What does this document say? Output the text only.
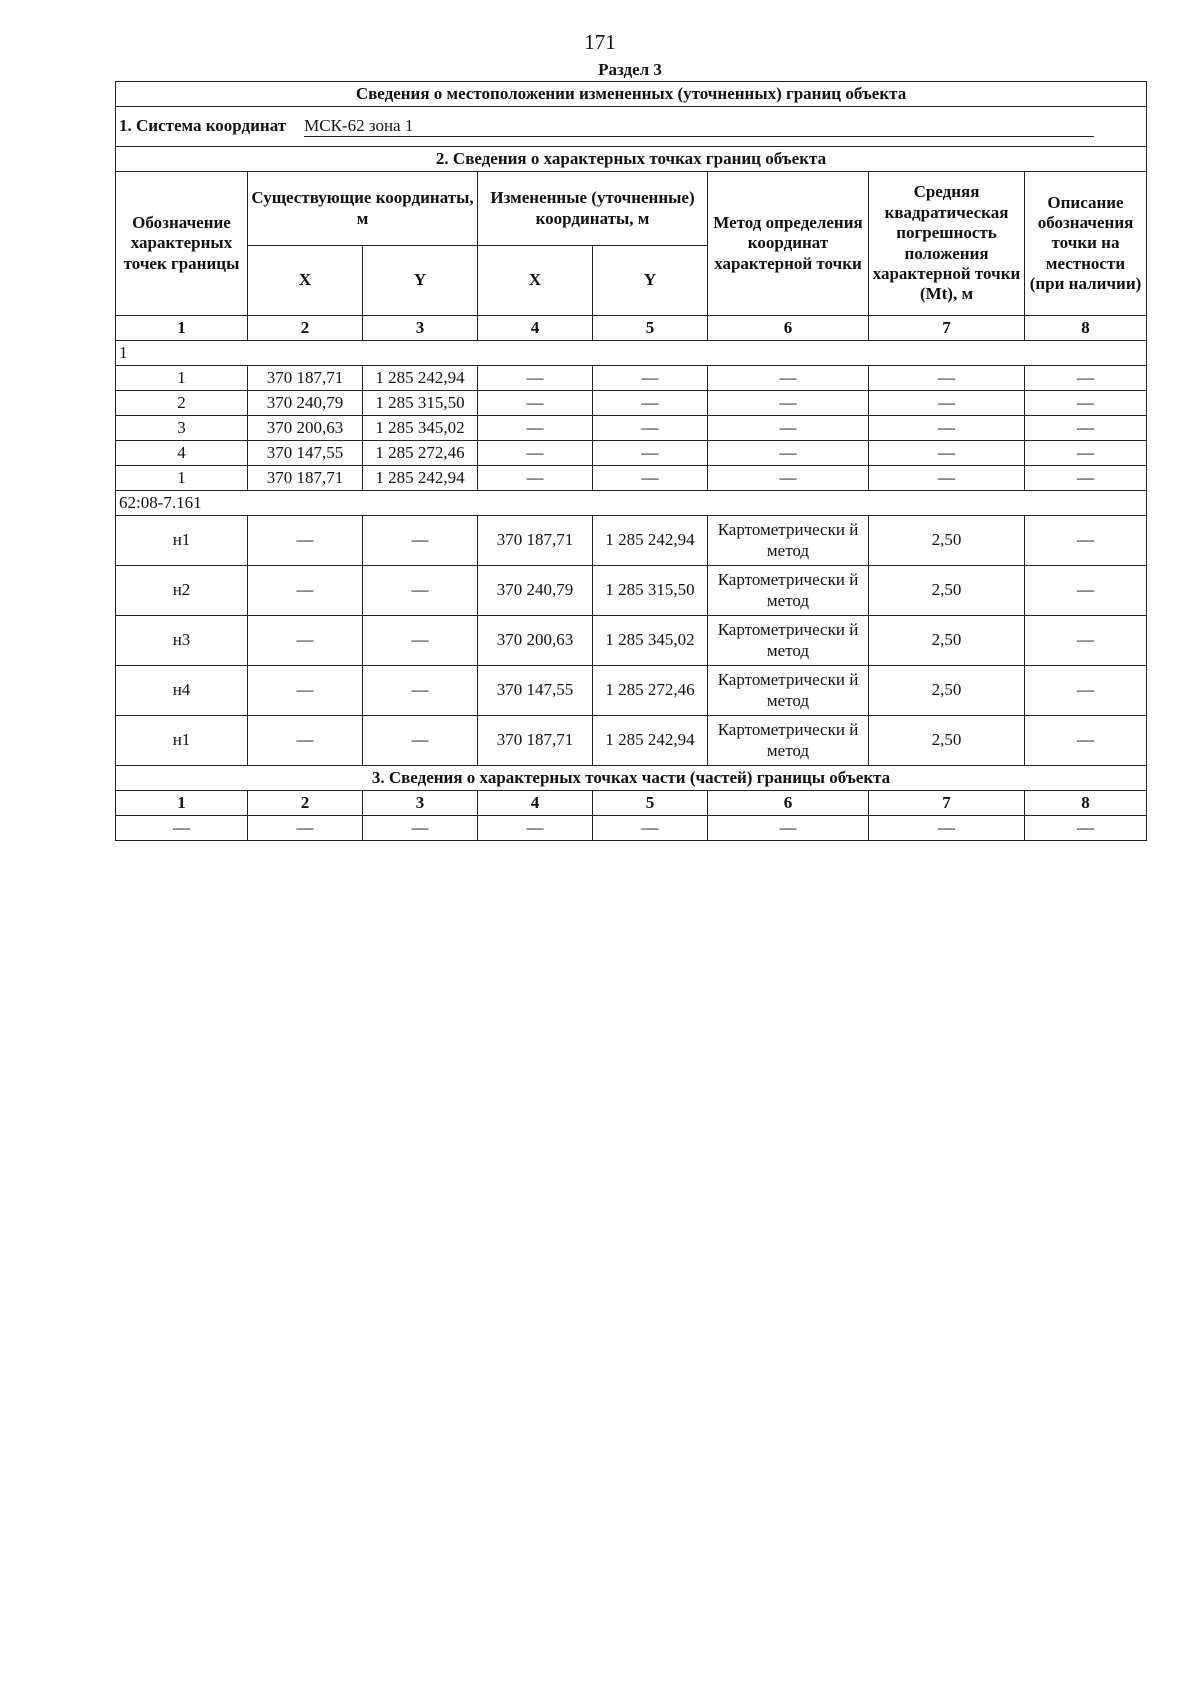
171
Раздел 3
Сведения о местоположении измененных (уточненных) границ объекта							
1. Система координат МСК-62 зона 1							
2. Сведения о характерных точках границ объекта							
Обозначение характерных точек границы	Существующие координаты, м		Измененные (уточненные) координаты, м		Метод определения координат характерной точки	Средняя квадратическая погрешность положения характерной точки (Mt), м	Описание обозначения точки на местности (при наличии)
	X	Y	X	Y			
1	2	3	4	5	6	7	8
1							
1	370 187,71	1 285 242,94	—	—	—	—	—
2	370 240,79	1 285 315,50	—	—	—	—	—
3	370 200,63	1 285 345,02	—	—	—	—	—
4	370 147,55	1 285 272,46	—	—	—	—	—
1	370 187,71	1 285 242,94	—	—	—	—	—
62:08-7.161							
н1	—	—	370 187,71	1 285 242,94	Картометрически й метод	2,50	—
н2	—	—	370 240,79	1 285 315,50	Картометрически й метод	2,50	—
н3	—	—	370 200,63	1 285 345,02	Картометрически й метод	2,50	—
н4	—	—	370 147,55	1 285 272,46	Картометрически й метод	2,50	—
н1	—	—	370 187,71	1 285 242,94	Картометрически й метод	2,50	—
3. Сведения о характерных точках части (частей) границы объекта							
1	2	3	4	5	6	7	8
—	—	—	—	—	—	—	—
